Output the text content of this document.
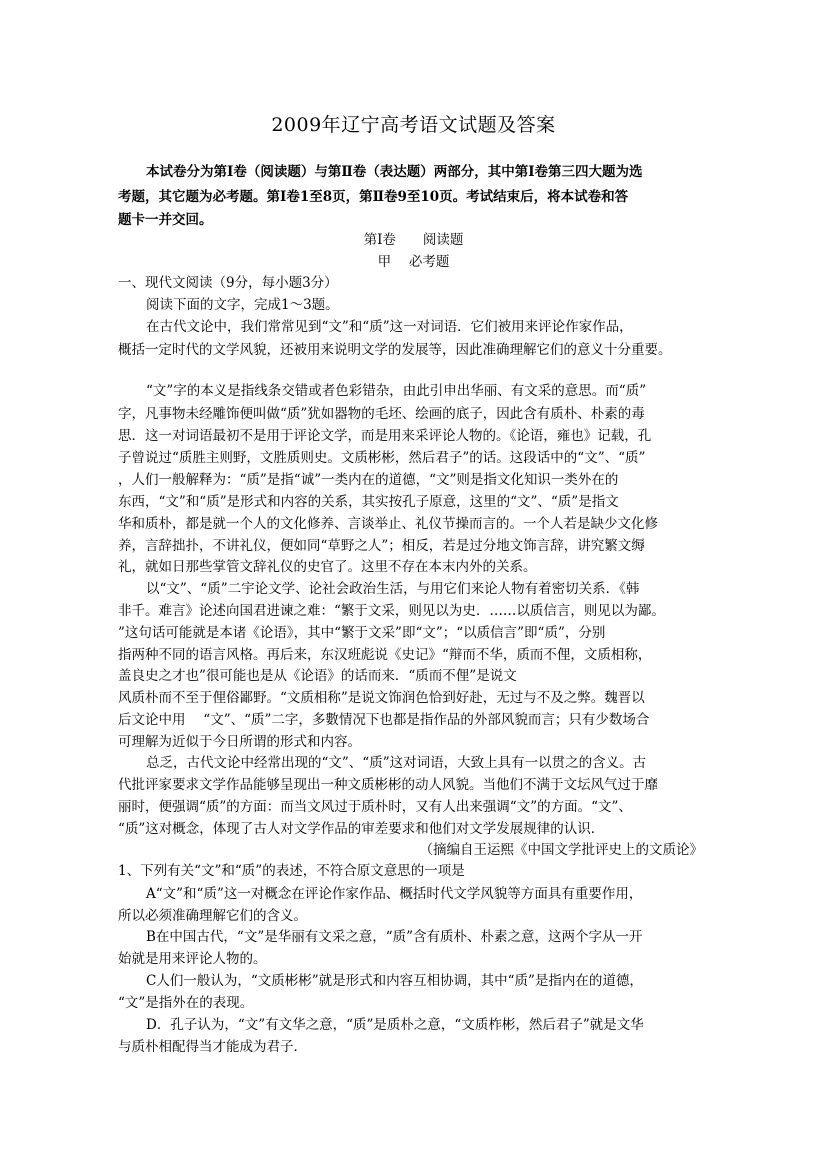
2009年辽宁高考语文试题及答案
本试卷分为第Ⅰ卷（阅读题）与第Ⅱ卷（表达题）两部分，其中第Ⅰ卷第三四大题为选
考题，其它题为必考题。第Ⅰ卷1至8页，第Ⅱ卷9至10页。考试结束后，将本试卷和答
题卡一并交回。
第Ⅰ卷　　阅读题
甲　 必考题
一、现代文阅读（9分，每小题3分）
阅读下面的文字，完成1～3题。
在古代文论中，我们常常见到“文”和“质”这一对词语．它们被用来评论作家作品，
概括一定时代的文学风貌，还被用来说明文学的发展等，因此准确理解它们的意义十分重要。
“文”字的本义是指线条交错或者色彩错杂，由此引申出华丽、有文采的意思。而“质”
字，凡事物未经雕饰便叫做“质”犹如器物的毛坯、绘画的底子，因此含有质朴、朴素的毒
思．这一对词语最初不是用于评论文学，而是用来采评论人物的。《论语，雍也》记载，孔
子曾说过“质胜主则野，文胜质则史。文质彬彬，然后君子”的话。这段话中的“文”、“质”
，人们一般解释为：“质”是指“诚”一类内在的道德，“文”则是指文化知识一类外在的
东西，“文”和“质”是形式和内容的关系，其实按孔子原意，这里的“文”、“质”是指文
华和质朴，都是就一个人的文化修养、言谈举止、礼仪节操而言的。一个人若是缺少文化修
养，言辞拙扑，不讲礼仪，便如同“草野之人”；相反，若是过分地文饰言辞，讲究繁文缛
礼，就如日那些掌管文辞礼仪的史官了。这里不存在本末内外的关系。
以“文”、“质”二宇论文学、论社会政治生活，与用它们来论人物有着密切关系．《韩
非千。难言》论述向国君进谏之难：“繁于文采，则见以为史．……以质信言，则见以为鄙。
”这句话可能就是本诸《论语》，其中“繁于文采”即“文”；“以质信言”即“质”，分别
指两种不同的语言风格。再后来，东汉班彪说《史记》“辩而不华，质而不俚，文质相称，
盖良史之才也”很可能也是从《论语》的话而来．“质而不俚”是说文
风质朴而不至于俚俗鄙野。“文质相称”是说文饰润色恰到好赴，无过与不及之弊。魏晋以
后文论中用　 “文”、“质”二字，多數情况下也都是指作品的外部风貌而言；只有少数场合
可理解为近似于今日所谓的形式和内容。
总乏，古代文论中经常出现的“文”、“质”这对词语，大致上具有一以贯之的含义。古
代批评家要求文学作品能够呈现出一种文质彬彬的动人风貌。当他们不满于文坛风气过于靡
丽时，便强调“质”的方面：而当文风过于质朴时，又有人出来强调“文”的方面。“文”、
“质”这对概念，体现了古人对文学作品的审差要求和他们对文学发展规律的认识．
（摘编自王运熙《中国文学批评史上的文质论》
1、下列有关“文”和“质”的表述，不符合原文意思的一项是
A“文”和“质”这一对概念在评论作家作品、概括时代文学风貌等方面具有重要作用，
所以必须准确理解它们的含义。
B在中国古代，“文”是华丽有文采之意，“质”含有质朴、朴素之意，这两个字从一开
始就是用来评论人物的。
C人们一般认为，“文质彬彬”就是形式和内容互相协调，其中“质”是指内在的道德，
“文”是指外在的表现。
D．孔子认为，“文”有文华之意，“质”是质朴之意，“文质柞彬，然后君子”就是文华
与质朴相配得当才能成为君子．
